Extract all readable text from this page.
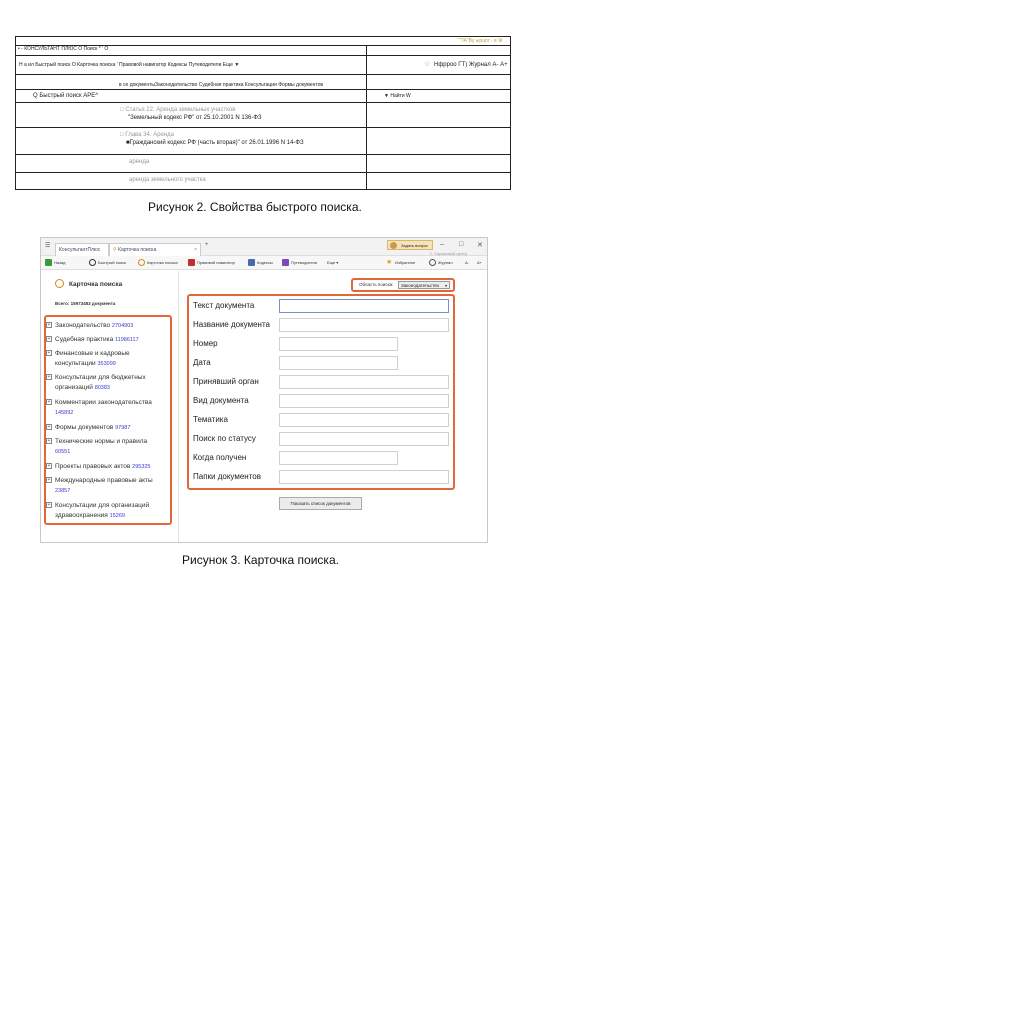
"'?А"Ву ырцпг - в Ж
• - КОНСУЛЬТАНТ ПЛЮС О Поиск * ' О
Н а ил Быстрый поиск О Карточка поиска ' Правовой навигатор Кодексы Путеводители Еще ▼	☆ Нфрроо ГТ) Журнал А- А+
в се документы Законодательство Судебная практика Консультации Формы документов
Q Быстрый поиск АРЕ^	▼ Найти W
□ Статья 22. Аренда земельных участков
"Земельный кодекс РФ" от 25.10.2001 N 136-ФЗ
□ Глава 34. Аренда
■Гражданский кодекс РФ (часть вторая)" от 26.01.1996 N 14-ФЗ
аренда
аренда земельного участка
Рисунок 2. Свойства быстрого поиска.
☰
КонсультантПлюс	⚲ Карточка поиска	×
+	Задать вопрос	– □ ✕
☺ Сервисный центр
Назад	Быстрый поиск	Карточка поиска	Правовой навигатор	Кодексы	Путеводители Еще ▾	★ Избранное	Журнал	А- А+
Карточка поиска
Всего: 15973483 документа
+ Законодательство 2704903
+ Судебная практика 11986117
+ Финансовые и кадровые консультации 353099
+ Консультации для бюджетных организаций 80383
+ Комментарии законодательства 145892
+ Формы документов 97987
+ Технические нормы и правила 60551
+ Проекты правовых актов 295325
+ Международные правовые акты 23857
+ Консультации для организаций здравоохранения 15269
Область поиска:	Законодательство ▾
Текст документа
Название документа
Номер
Дата
Принявший орган
Вид документа
Тематика
Поиск по статусу
Когда получен
Папки документов
Показать список документов
Рисунок 3. Карточка поиска.
